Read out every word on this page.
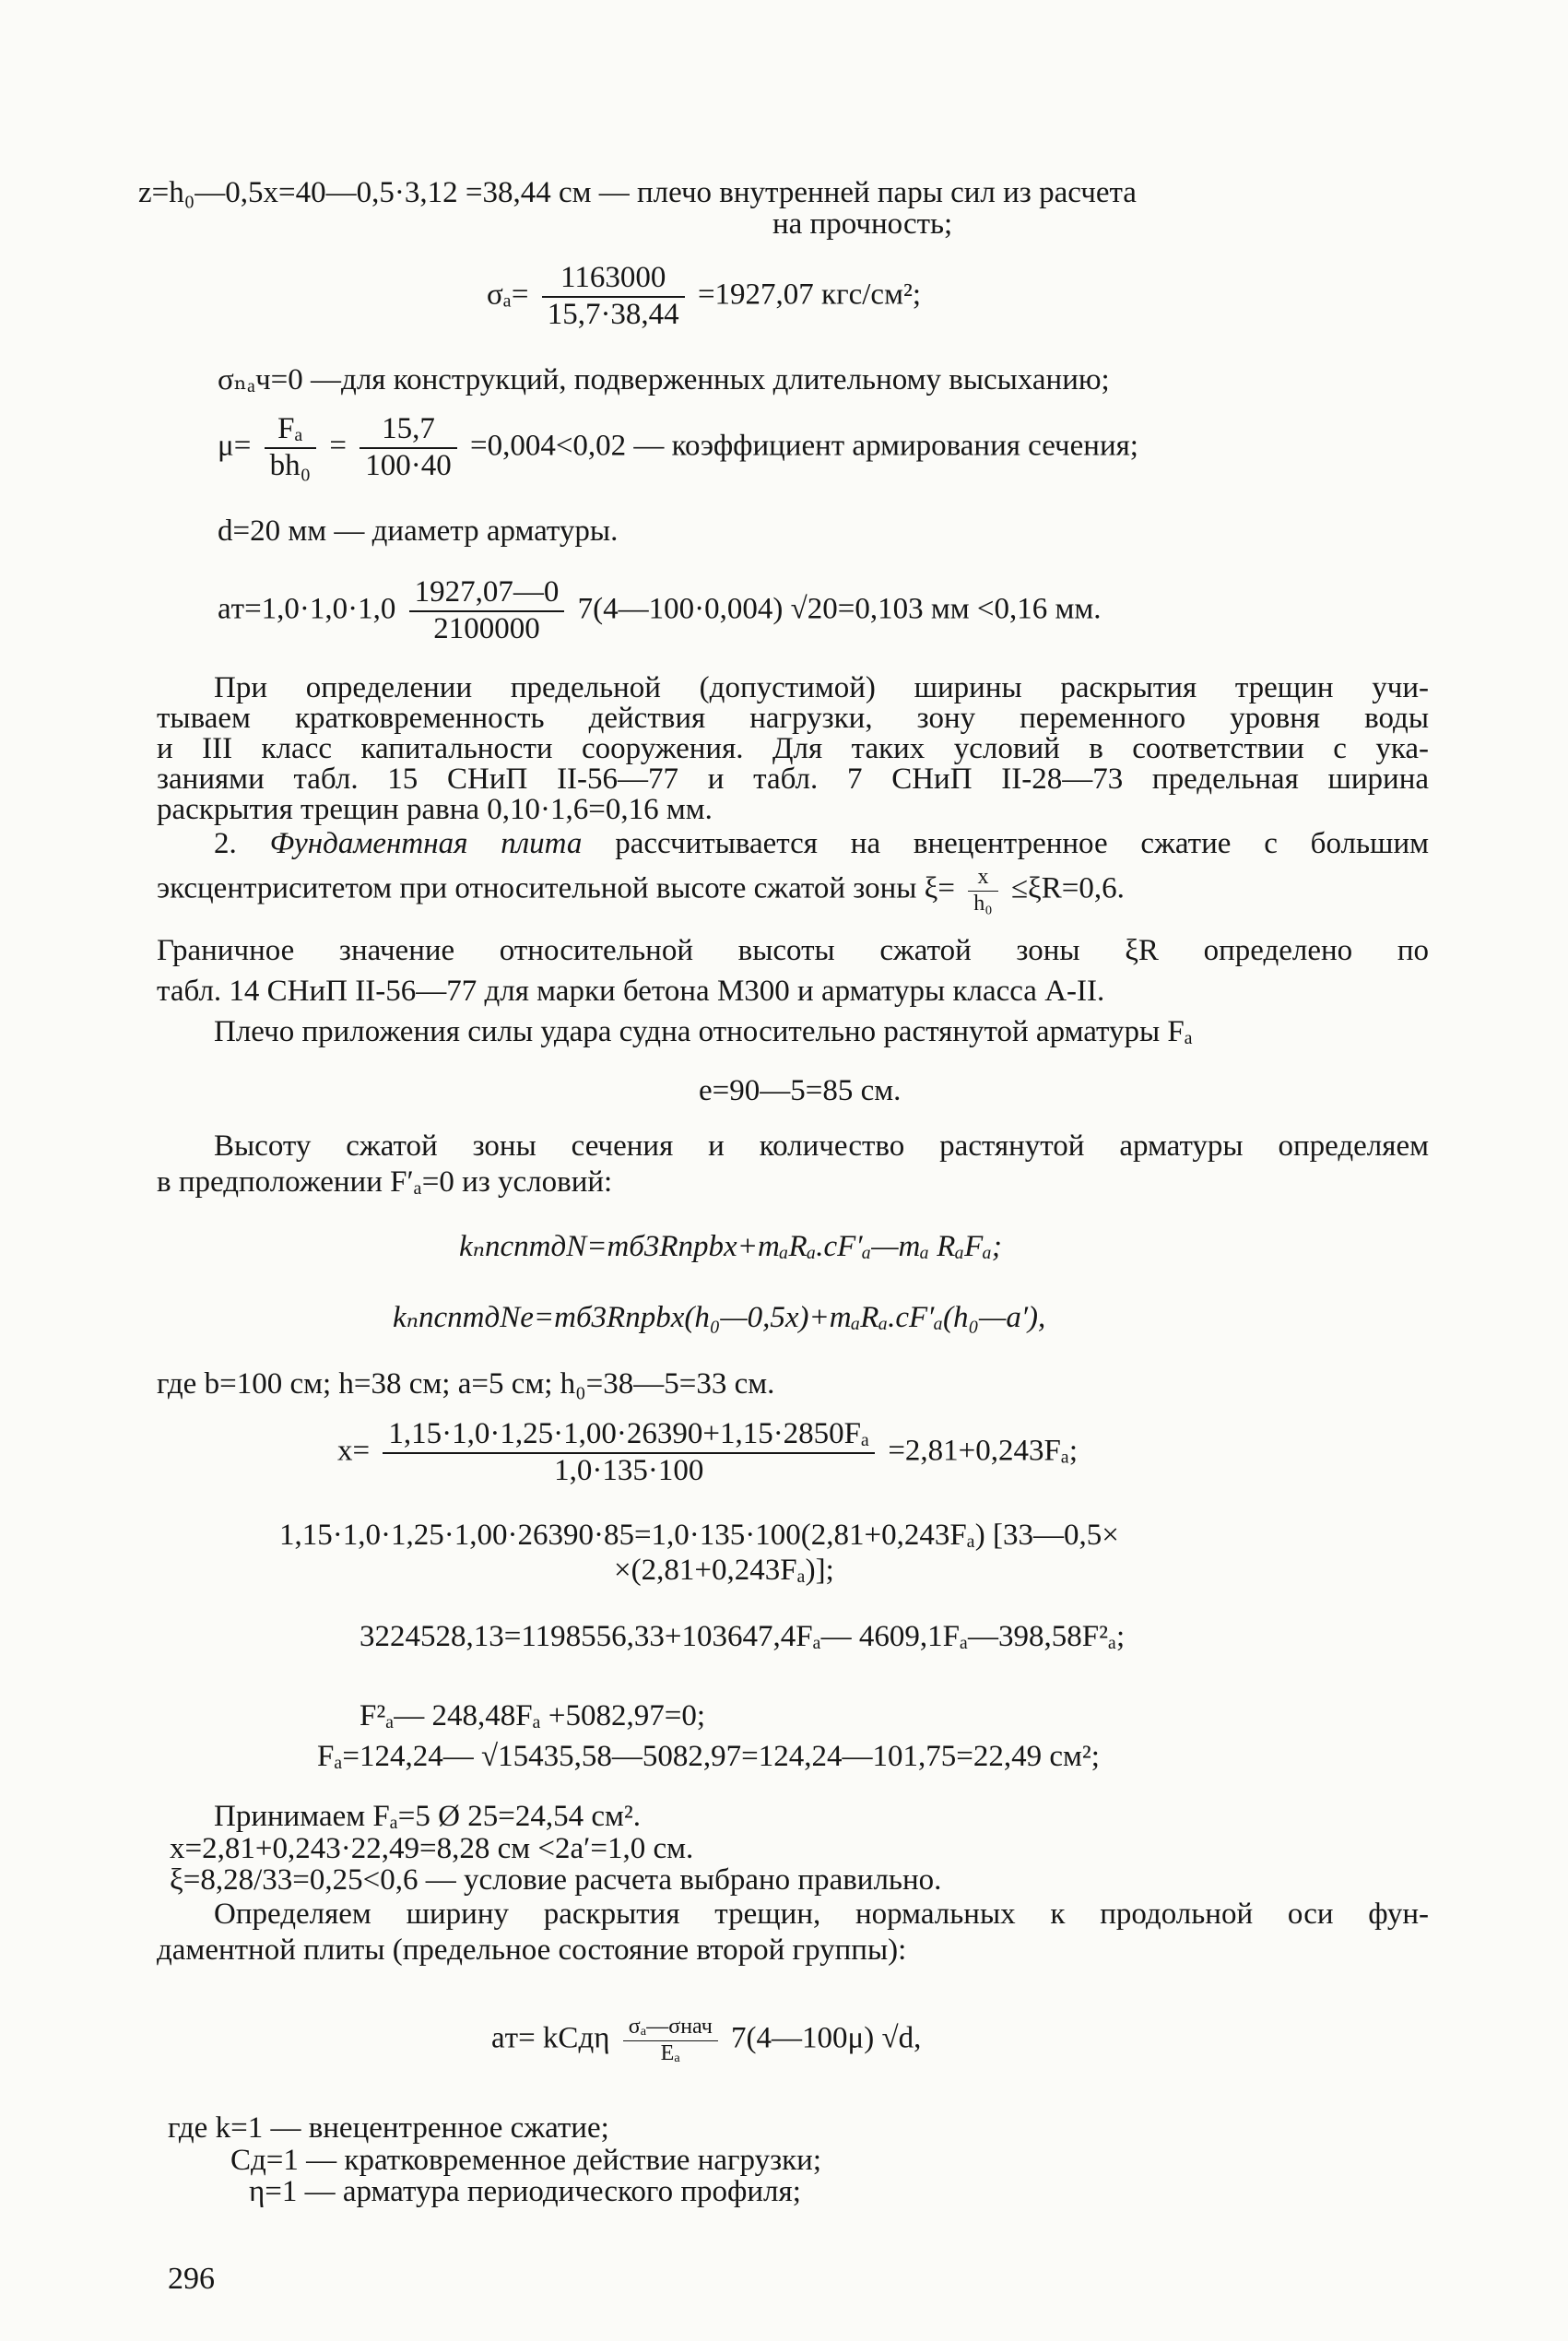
z=h₀—0,5x=40—0,5·3,12 =38,44 см — плечо внутренней пары сил из расчета
на прочность;
$\sigma_a= \frac{1163000}{15,7\cdot 38,44} =1927,07$ кгс/см²;
σₙₐч=0 —для конструкций, подверженных длительному высыханию;
$\mu= \frac{\text{Fₐ}}{\text{bh₀}} = \frac{15,7}{100\cdot 40} =0,004<0,02$ — коэффициент армирования сечения;
d=20 мм — диаметр арматуры.
$aт=1,0\cdot 1,0\cdot 1,0 \frac{1927,07—0}{2100000}$ 7(4—100·0,004) √20=0,103 мм <0,16 мм.
При определении предельной (допустимой) ширины раскрытия трещин учи-
тываем кратковременность действия нагрузки, зону переменного уровня воды
и III класс капитальности сооружения. Для таких условий в соответствии с ука-
заниями табл. 15 СНиП II-56—77 и табл. 7 СНиП II-28—73 предельная ширина
раскрытия трещин равна 0,10·1,6=0,16 мм.
2. Фундаментная плита рассчитывается на внецентренное сжатие с большим
эксцентриситетом при относительной высоте сжатой зоны $\xi= \frac{x}{\text{h₀}} \le\xi R=0,6$.
Граничное значение относительной высоты сжатой зоны ξR определено по
табл. 14 СНиП II-56—77 для марки бетона М300 и арматуры класса А-II.
Плечо приложения силы удара судна относительно растянутой арматуры Fₐ
e=90—5=85 см.
Высоту сжатой зоны сечения и количество растянутой арматуры определяем
в предположении F′ₐ=0 из условий:
kₙnсnmдN=mб3Rпрbx+mₐRₐ.сF′ₐ—mₐ RₐFₐ;
kₙnсnmдNe=mб3Rпрbx(h₀—0,5x)+mₐRₐ.сF′ₐ(h₀—a′),
где b=100 см; h=38 см; a=5 см; h₀=38—5=33 см.
$x= \frac{\text{1,15·1,0·1,25·1,00·26390+1,15·2850Fₐ}}{1,0\cdot 135\cdot 100} =2,81+0,243F_a$;
1,15·1,0·1,25·1,00·26390·85=1,0·135·100(2,81+0,243Fₐ) [33—0,5×
×(2,81+0,243Fₐ)];
3224528,13=1198556,33+103647,4Fₐ— 4609,1Fₐ—398,58F²ₐ;
F²ₐ— 248,48Fₐ +5082,97=0;
Fₐ=124,24— √15435,58—5082,97=124,24—101,75=22,49 см²;
Принимаем Fₐ=5 Ø 25=24,54 см².
x=2,81+0,243·22,49=8,28 см <2a′=1,0 см.
ξ=8,28/33=0,25<0,6 — условие расчета выбрано правильно.
Определяем ширину раскрытия трещин, нормальных к продольной оси фун-
даментной плиты (предельное состояние второй группы):
aт= kCдη $\frac{\text{σₐ—σнач}}{\text{Eₐ}}$ 7(4—100μ) √d,
где k=1 — внецентренное сжатие;
Cд=1 — кратковременное действие нагрузки;
η=1 — арматура периодического профиля;
296
